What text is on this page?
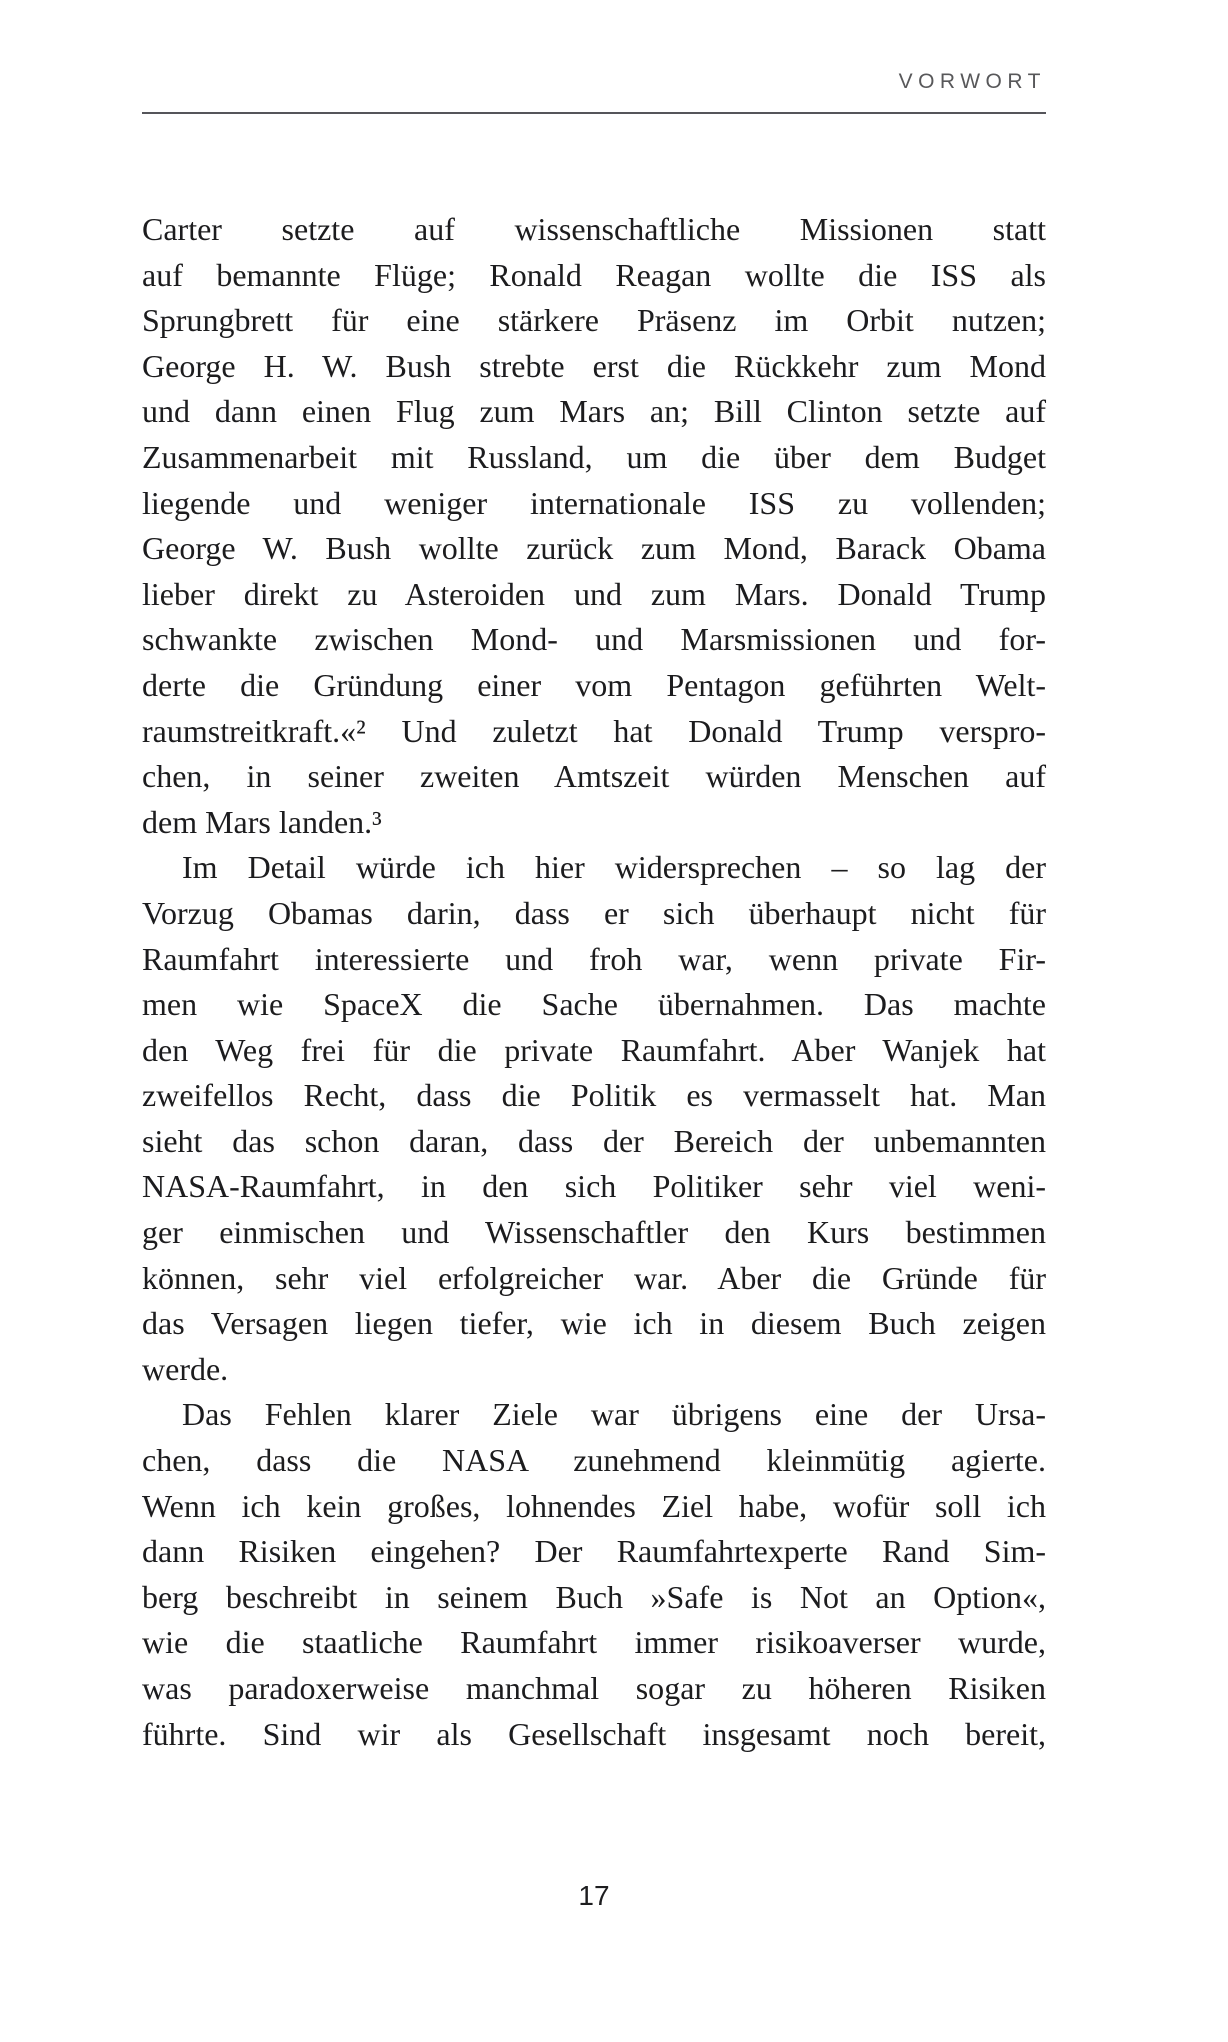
VORWORT
Carter setzte auf wissenschaftliche Missionen statt
auf bemannte Flüge; Ronald Reagan wollte die ISS als
Sprungbrett für eine stärkere Präsenz im Orbit nutzen;
George H. W. Bush strebte erst die Rückkehr zum Mond
und dann einen Flug zum Mars an; Bill Clinton setzte auf
Zusammenarbeit mit Russland, um die über dem Budget
liegende und weniger internationale ISS zu vollenden;
George W. Bush wollte zurück zum Mond, Barack Obama
lieber direkt zu Asteroiden und zum Mars. Donald Trump
schwankte zwischen Mond- und Marsmissionen und for-
derte die Gründung einer vom Pentagon geführten Welt-
raumstreitkraft.«² Und zuletzt hat Donald Trump verspro-
chen, in seiner zweiten Amtszeit würden Menschen auf
dem Mars landen.³
Im Detail würde ich hier widersprechen – so lag der
Vorzug Obamas darin, dass er sich überhaupt nicht für
Raumfahrt interessierte und froh war, wenn private Fir-
men wie SpaceX die Sache übernahmen. Das machte
den Weg frei für die private Raumfahrt. Aber Wanjek hat
zweifellos Recht, dass die Politik es vermasselt hat. Man
sieht das schon daran, dass der Bereich der unbemannten
NASA-Raumfahrt, in den sich Politiker sehr viel weni-
ger einmischen und Wissenschaftler den Kurs bestimmen
können, sehr viel erfolgreicher war. Aber die Gründe für
das Versagen liegen tiefer, wie ich in diesem Buch zeigen
werde.
Das Fehlen klarer Ziele war übrigens eine der Ursa-
chen, dass die NASA zunehmend kleinmütig agierte.
Wenn ich kein großes, lohnendes Ziel habe, wofür soll ich
dann Risiken eingehen? Der Raumfahrtexperte Rand Sim-
berg beschreibt in seinem Buch »Safe is Not an Option«,
wie die staatliche Raumfahrt immer risikoaverser wurde,
was paradoxerweise manchmal sogar zu höheren Risiken
führte. Sind wir als Gesellschaft insgesamt noch bereit,
17
